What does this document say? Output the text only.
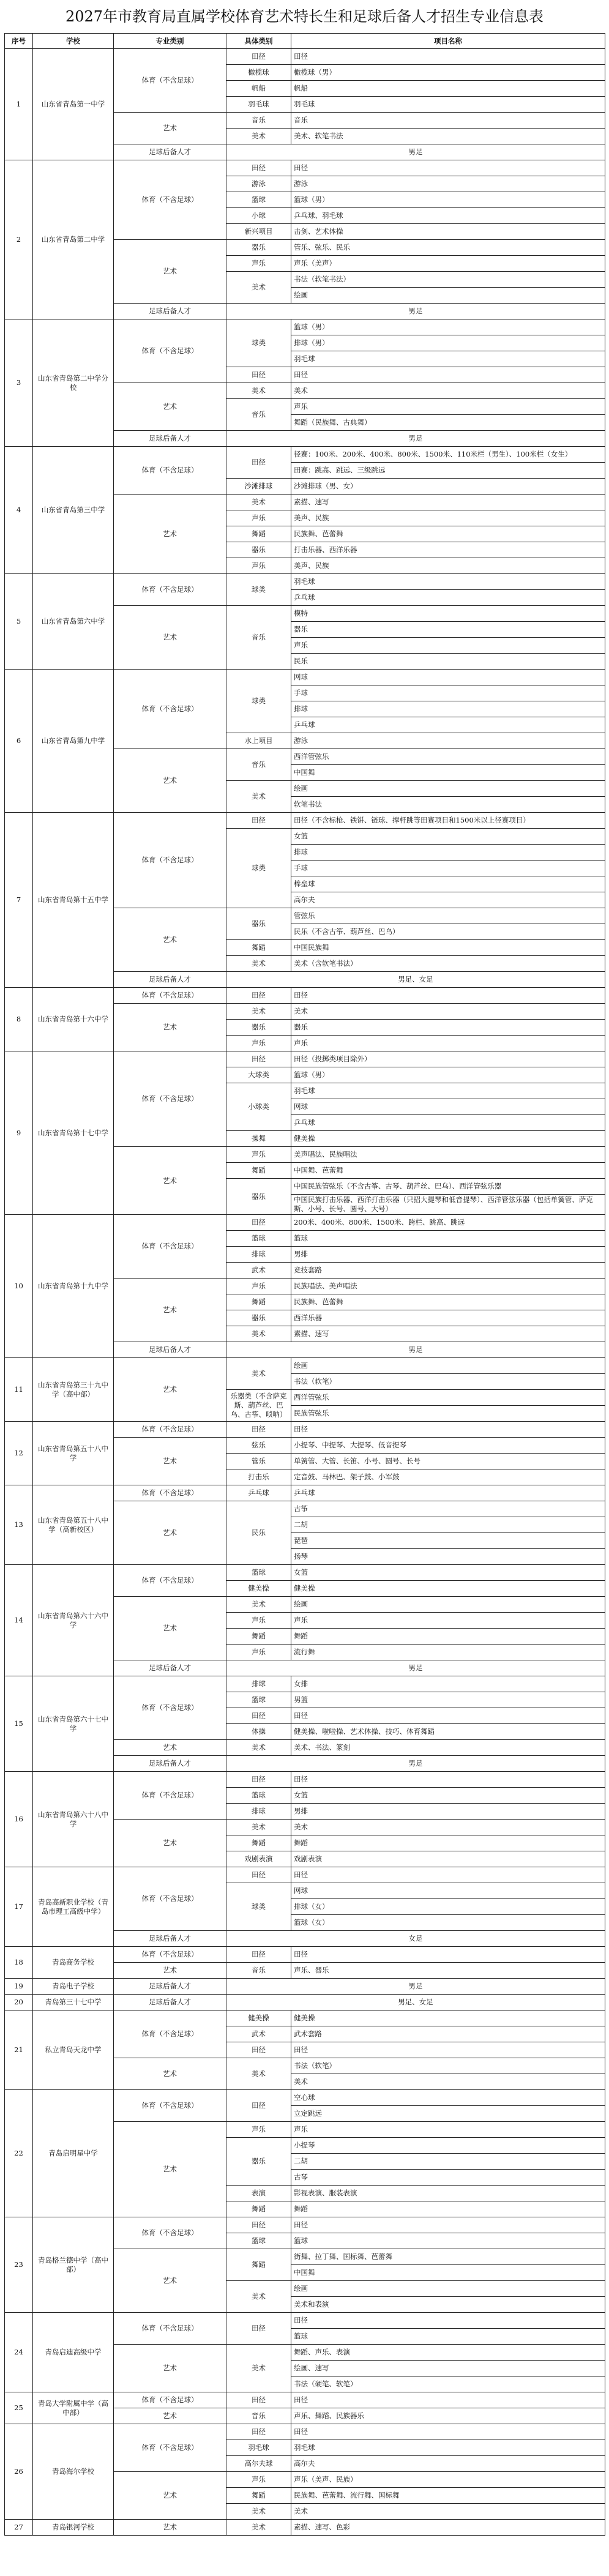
2027年市教育局直属学校体育艺术特长生和足球后备人才招生专业信息表
序号	学校	专业类别	具体类别	项目名称
1	山东省青岛第一中学	体育（不含足球）	田径	田径
			橄榄球	橄榄球（男）
			帆船	帆船
			羽毛球	羽毛球
		艺术	音乐	音乐
			美术	美术、软笔书法
		足球后备人才	男足	
2	山东省青岛第二中学	体育（不含足球）	田径	田径
			游泳	游泳
			篮球	篮球（男）
			小球	乒乓球、羽毛球
			新兴项目	击剑、艺术体操
		艺术	器乐	管乐、弦乐、民乐
			声乐	声乐（美声）
			美术	书法（软笔书法）
				绘画
		足球后备人才	男足	
3	山东省青岛第二中学分校	体育（不含足球）	球类	篮球（男）
				排球（男）
				羽毛球
			田径	田径
		艺术	美术	美术
			音乐	声乐
				舞蹈（民族舞、古典舞）
		足球后备人才	男足	
4	山东省青岛第三中学	体育（不含足球）	田径	径赛：100米、200米、400米、800米、1500米、110米栏（男生）、100米栏（女生）
				田赛：跳高、跳远、三级跳远
			沙滩排球	沙滩排球（男、女）
		艺术	美术	素描、速写
			声乐	美声、民族
			舞蹈	民族舞、芭蕾舞
			器乐	打击乐器、西洋乐器
			声乐	美声、民族
5	山东省青岛第六中学	体育（不含足球）	球类	羽毛球
				乒乓球
		艺术	音乐	模特
				器乐
				声乐
				民乐
6	山东省青岛第九中学	体育（不含足球）	球类	网球
				手球
				排球
				乒乓球
			水上项目	游泳
		艺术	音乐	西洋管弦乐
				中国舞
			美术	绘画
				软笔书法
7	山东省青岛第十五中学	体育（不含足球）	田径	田径（不含标枪、铁饼、链球、撑杆跳等田赛项目和1500米以上径赛项目）
			球类	女篮
				排球
				手球
				棒垒球
				高尔夫
		艺术	器乐	管弦乐
				民乐（不含古筝、葫芦丝、巴乌）
			舞蹈	中国民族舞
			美术	美术（含软笔书法）
		足球后备人才	男足、女足	
8	山东省青岛第十六中学	体育（不含足球）	田径	田径
		艺术	美术	美术
			器乐	器乐
			声乐	声乐
9	山东省青岛第十七中学	体育（不含足球）	田径	田径（投掷类项目除外）
			大球类	篮球（男）
			小球类	羽毛球
				网球
				乒乓球
			操舞	健美操
		艺术	声乐	美声唱法、民族唱法
			舞蹈	中国舞、芭蕾舞
			器乐	中国民族管弦乐（不含古筝、古琴、葫芦丝、巴乌）、西洋管弦乐器
				中国民族打击乐器、西洋打击乐器（只招大提琴和低音提琴）、西洋管弦乐器（包括单簧管、萨克斯、小号、长号、圆号、大号）
10	山东省青岛第十九中学	体育（不含足球）	田径	200米、400米、800米、1500米、跨栏、跳高、跳远
			篮球	篮球
			排球	男排
			武术	竞技套路
		艺术	声乐	民族唱法、美声唱法
			舞蹈	民族舞、芭蕾舞
			器乐	西洋乐器
			美术	素描、速写
		足球后备人才	男足	
11	山东省青岛第三十九中学（高中部）	艺术	美术	绘画
				书法（软笔）
			乐器类（不含萨克斯、葫芦丝、巴乌、古筝、唢呐）	西洋管弦乐
				民族管弦乐
12	山东省青岛第五十八中学	体育（不含足球）	田径	田径
		艺术	弦乐	小提琴、中提琴、大提琴、低音提琴
			管乐	单簧管、大管、长笛、小号、圆号、长号
			打击乐	定音鼓、马林巴、架子鼓、小军鼓
13	山东省青岛第五十八中学（高新校区）	体育（不含足球）	乒乓球	乒乓球
		艺术	民乐	古筝
				二胡
				琵琶
				扬琴
14	山东省青岛第六十六中学	体育（不含足球）	篮球	女篮
			健美操	健美操
		艺术	美术	绘画
			声乐	声乐
			舞蹈	舞蹈
			声乐	流行舞
		足球后备人才	男足	
15	山东省青岛第六十七中学	体育（不含足球）	排球	女排
			篮球	男篮
			田径	田径
			体操	健美操、啦啦操、艺术体操、技巧、体育舞蹈
		艺术	美术	美术、书法、篆刻
		足球后备人才	男足	
16	山东省青岛第六十八中学	体育（不含足球）	田径	田径
			篮球	女篮
			排球	男排
		艺术	美术	美术
			舞蹈	舞蹈
			戏剧表演	戏剧表演
17	青岛高新职业学校（青岛市理工高级中学）	体育（不含足球）	田径	田径
			球类	网球
				排球（女）
				篮球（女）
		足球后备人才	女足	
18	青岛商务学校	体育（不含足球）	田径	田径
		艺术	音乐	声乐、器乐
19	青岛电子学校	足球后备人才	男足	
20	青岛第三十七中学	足球后备人才	男足、女足	
21	私立青岛天龙中学	体育（不含足球）	健美操	健美操
			武术	武术套路
			田径	田径
		艺术	美术	书法（软笔）
				美术
22	青岛启明星中学	体育（不含足球）	田径	空心球
				立定跳远
		艺术	声乐	声乐
			器乐	小提琴
				二胡
				古琴
			表演	影视表演、服装表演
			舞蹈	舞蹈
23	青岛格兰德中学（高中部）	体育（不含足球）	田径	田径
			篮球	篮球
		艺术	舞蹈	街舞、拉丁舞、国标舞、芭蕾舞
				中国舞
			美术	绘画
				美术和表演
24	青岛启迪高级中学	体育（不含足球）	田径	田径
				篮球
		艺术	美术	舞蹈、声乐、表演
				绘画、速写
				书法（硬笔、软笔）
25	青岛大学附属中学（高中部）	体育（不含足球）	田径	田径
		艺术	音乐	声乐、舞蹈、民族器乐
26	青岛海尔学校	体育（不含足球）	田径	田径
			羽毛球	羽毛球
			高尔夫球	高尔夫
		艺术	声乐	声乐（美声、民族）
			舞蹈	民族舞、芭蕾舞、流行舞、国标舞
			美术	美术
27	青岛银河学校	艺术	美术	素描、速写、色彩
